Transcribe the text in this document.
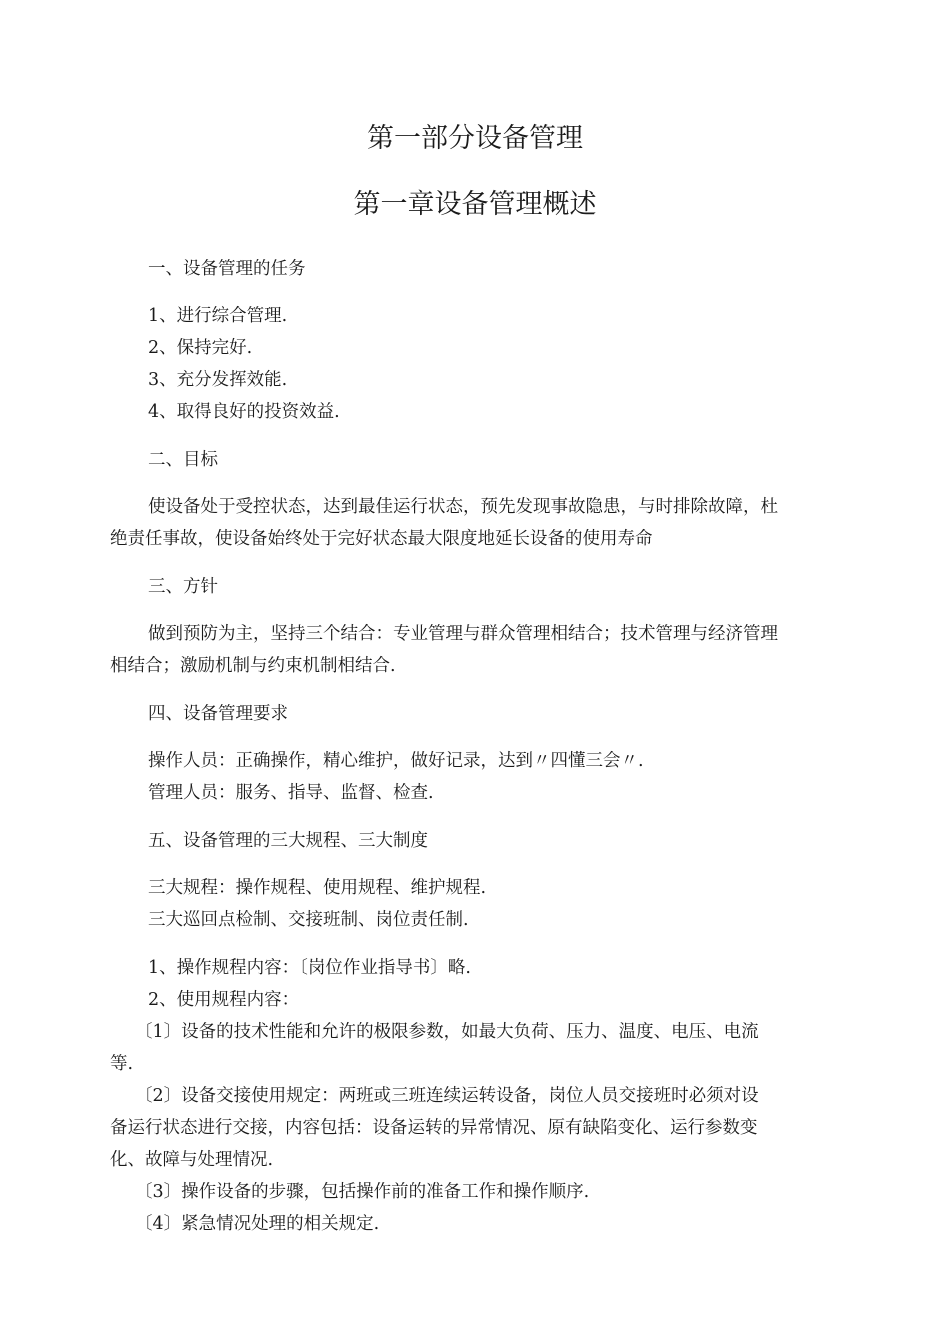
第一部分设备管理
第一章设备管理概述
一、设备管理的任务
1、进行综合管理.
2、保持完好.
3、充分发挥效能.
4、取得良好的投资效益.
二、目标
使设备处于受控状态，达到最佳运行状态，预先发现事故隐患，与时排除故障，杜
绝责任事故，使设备始终处于完好状态最大限度地延长设备的使用寿命
三、方针
做到预防为主，坚持三个结合：专业管理与群众管理相结合；技术管理与经济管理
相结合；激励机制与约束机制相结合.
四、设备管理要求
操作人员：正确操作，精心维护，做好记录，达到〃四懂三会〃.
管理人员：服务、指导、监督、检查.
五、设备管理的三大规程、三大制度
三大规程：操作规程、使用规程、维护规程.
三大巡回点检制、交接班制、岗位责任制.
1、操作规程内容：〔岗位作业指导书〕略.
2、使用规程内容：
〔1〕设备的技术性能和允许的极限参数，如最大负荷、压力、温度、电压、电流
等.
〔2〕设备交接使用规定：两班或三班连续运转设备，岗位人员交接班时必须对设
备运行状态进行交接，内容包括：设备运转的异常情况、原有缺陷变化、运行参数变
化、故障与处理情况.
〔3〕操作设备的步骤，包括操作前的准备工作和操作顺序.
〔4〕紧急情况处理的相关规定.
